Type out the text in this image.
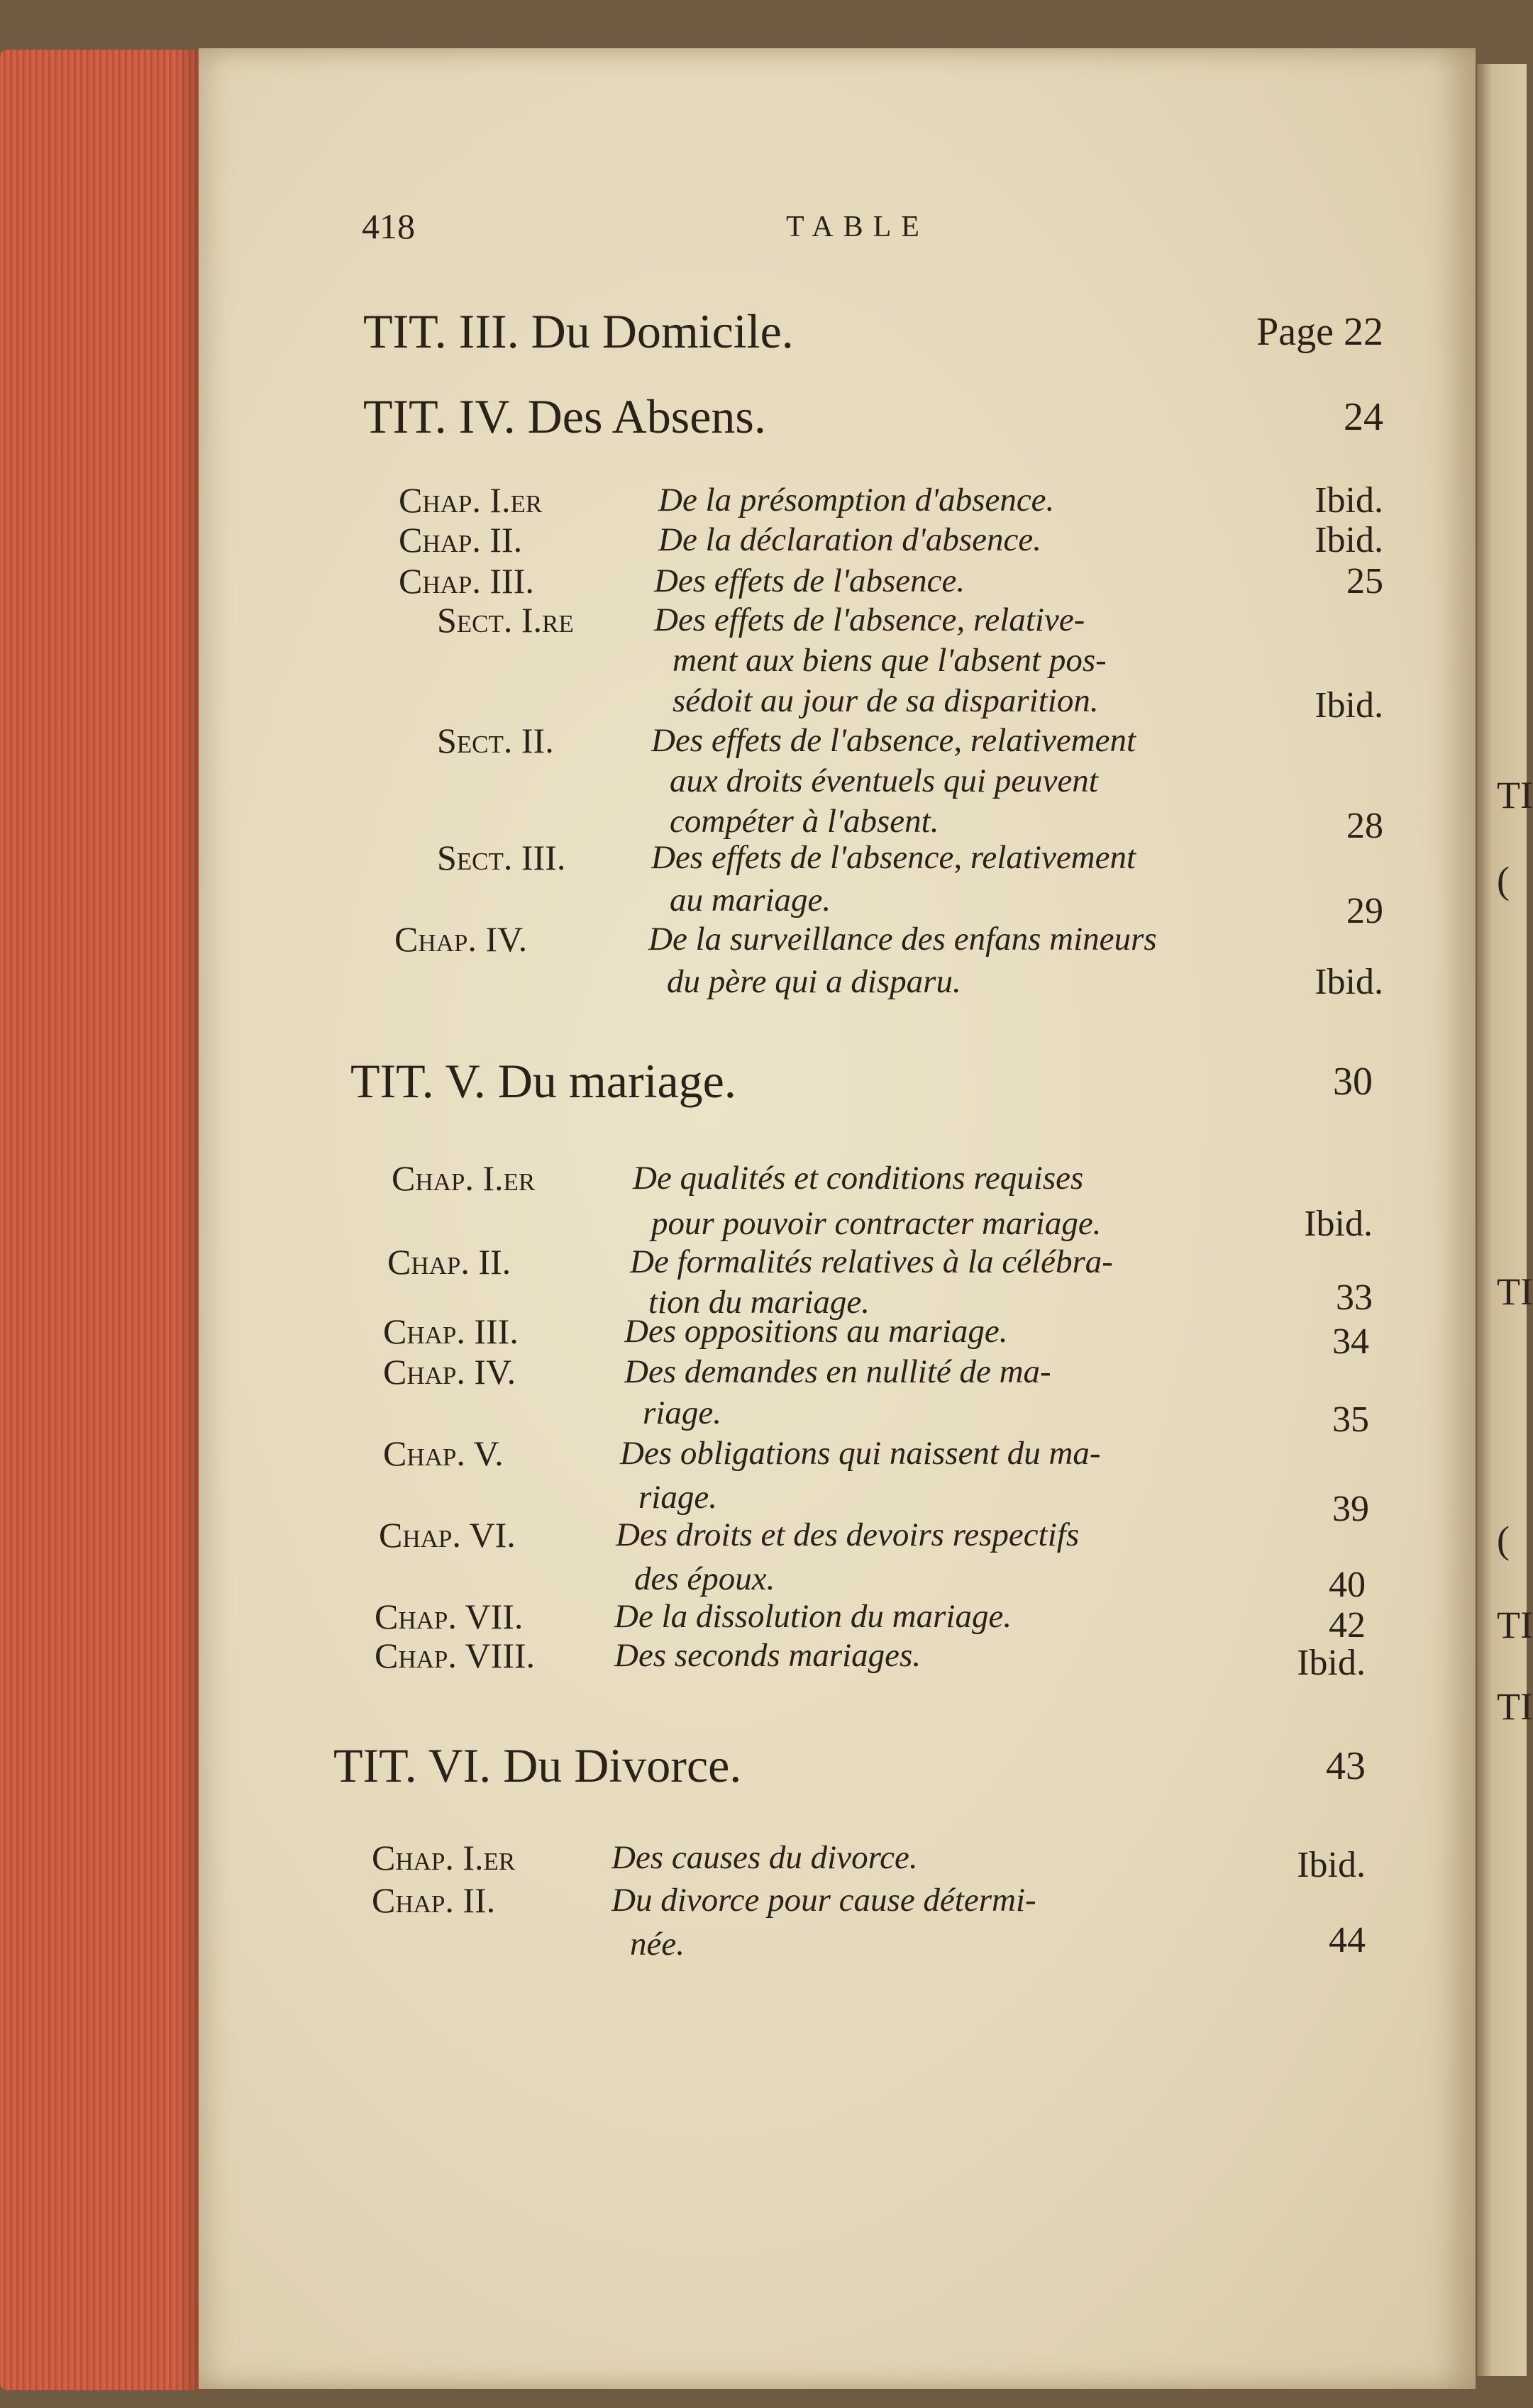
TI
(
TI
(
TI
TI
418	TABLE
TIT. III. Du Domicile.	Page 22
TIT. IV. Des Absens.	24
Chap. I.er	De la présomption d'absence.	Ibid.
Chap. II.	De la déclaration d'absence.	Ibid.
Chap. III.	Des effets de l'absence.	25
Sect. I.re Des effets de l'absence, relative-
ment aux biens que l'absent pos-
sédoit au jour de sa disparition.	Ibid.
Sect. II.	Des effets de l'absence, relativement
aux droits éventuels qui peuvent
compéter à l'absent.	28
Sect. III.	Des effets de l'absence, relativement
au mariage.	29
Chap. IV.	De la surveillance des enfans mineurs
du père qui a disparu.	Ibid.
TIT. V. Du mariage.	30
Chap. I.er	De qualités et conditions requises
pour pouvoir contracter mariage.	Ibid.
Chap. II.	De formalités relatives à la célébra-
tion du mariage.	33
Chap. III.	Des oppositions au mariage.	34
Chap. IV.	Des demandes en nullité de ma-
riage.	35
Chap. V.	Des obligations qui naissent du ma-
riage.	39
Chap. VI.	Des droits et des devoirs respectifs
des époux.	40
Chap. VII.	De la dissolution du mariage.	42
Chap. VIII. Des seconds mariages.	Ibid.
TIT. VI. Du Divorce.	43
Chap. I.er	Des causes du divorce.	Ibid.
Chap. II.	Du divorce pour cause détermi-
née.	44
